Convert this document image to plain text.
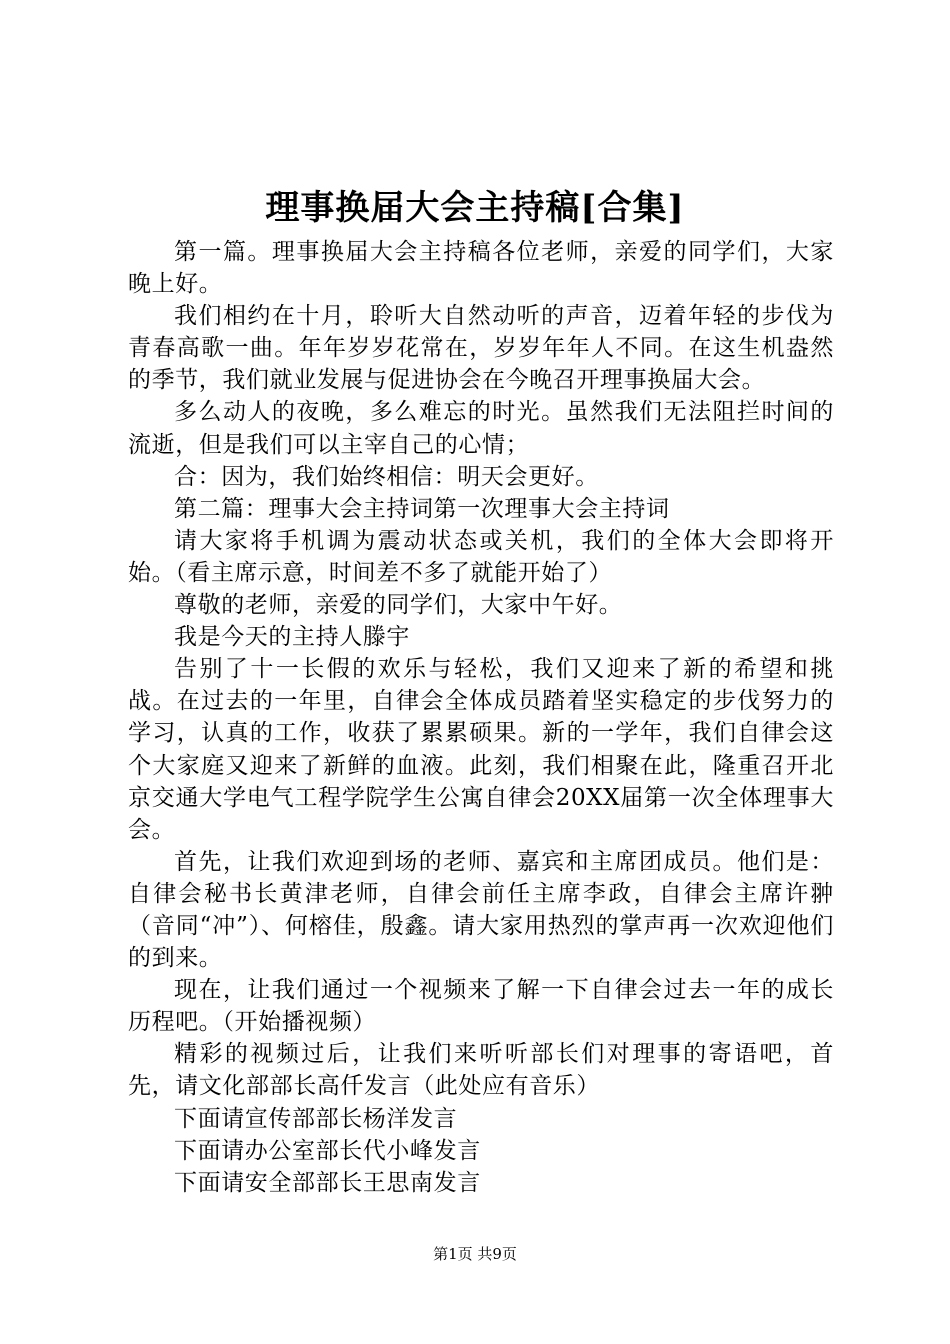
理事换届大会主持稿[合集]

第一篇。理事换届大会主持稿各位老师，亲爱的同学们，大家晚上好。

我们相约在十月，聆听大自然动听的声音，迈着年轻的步伐为青春高歌一曲。年年岁岁花常在，岁岁年年人不同。在这生机盎然的季节，我们就业发展与促进协会在今晚召开理事换届大会。

多么动人的夜晚，多么难忘的时光。虽然我们无法阻拦时间的流逝，但是我们可以主宰自己的心情；

合：因为，我们始终相信：明天会更好。

第二篇：理事大会主持词第一次理事大会主持词

请大家将手机调为震动状态或关机，我们的全体大会即将开始。（看主席示意，时间差不多了就能开始了）

尊敬的老师，亲爱的同学们，大家中午好。

我是今天的主持人滕宇

告别了十一长假的欢乐与轻松，我们又迎来了新的希望和挑战。在过去的一年里，自律会全体成员踏着坚实稳定的步伐努力的学习，认真的工作，收获了累累硕果。新的一学年，我们自律会这个大家庭又迎来了新鲜的血液。此刻，我们相聚在此，隆重召开北京交通大学电气工程学院学生公寓自律会20XX届第一次全体理事大会。

首先，让我们欢迎到场的老师、嘉宾和主席团成员。他们是：自律会秘书长黄津老师，自律会前任主席李政，自律会主席许翀（音同“冲”）、何榕佳，殷鑫。请大家用热烈的掌声再一次欢迎他们的到来。

现在，让我们通过一个视频来了解一下自律会过去一年的成长历程吧。（开始播视频）

精彩的视频过后，让我们来听听部长们对理事的寄语吧，首先，请文化部部长高仟发言（此处应有音乐）

下面请宣传部部长杨洋发言

下面请办公室部长代小峰发言

下面请安全部部长王思南发言

第1页 共9页
